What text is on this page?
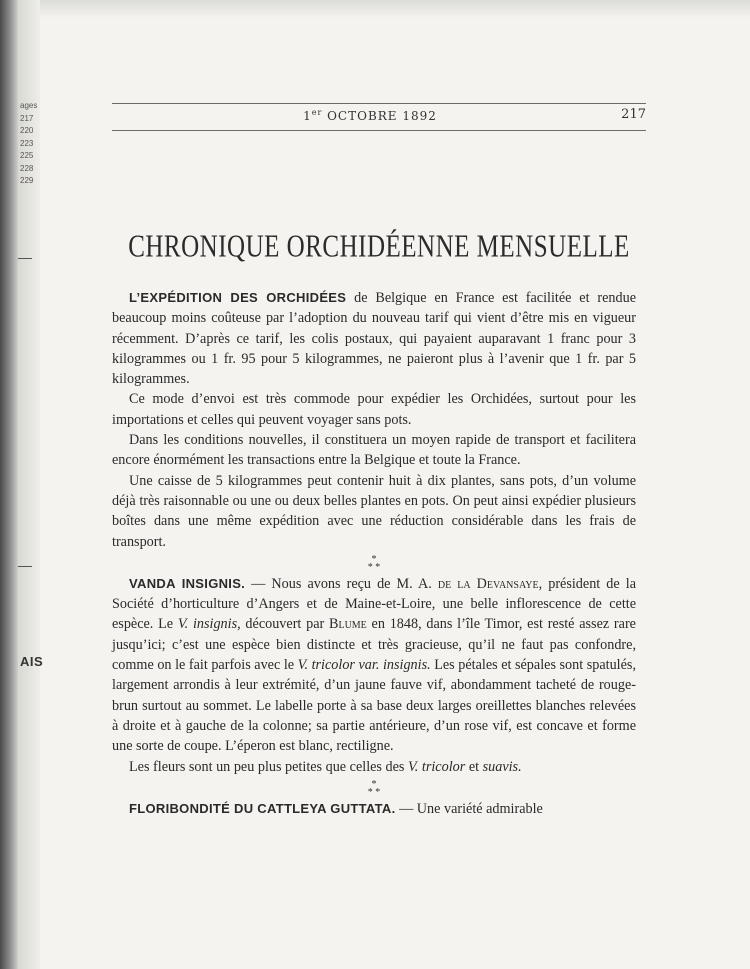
ages
217
220
223
225
228
229
AIS
1er OCTOBRE 1892	217
CHRONIQUE ORCHIDÉENNE MENSUELLE

L’EXPÉDITION DES ORCHIDÉES de Belgique en France est facilitée et rendue beaucoup moins coûteuse par l’adoption du nouveau tarif qui vient d’être mis en vigueur récemment. D’après ce tarif, les colis postaux, qui payaient auparavant 1 franc pour 3 kilogrammes ou 1 fr. 95 pour 5 kilogrammes, ne paieront plus à l’avenir que 1 fr. par 5 kilogrammes.

Ce mode d’envoi est très commode pour expédier les Orchidées, surtout pour les importations et celles qui peuvent voyager sans pots.

Dans les conditions nouvelles, il constituera un moyen rapide de transport et facilitera encore énormément les transactions entre la Belgique et toute la France.

Une caisse de 5 kilogrammes peut contenir huit à dix plantes, sans pots, d’un volume déjà très raisonnable ou une ou deux belles plantes en pots. On peut ainsi expédier plusieurs boîtes dans une même expédition avec une réduction considérable dans les frais de transport.

*
* *

VANDA INSIGNIS. — Nous avons reçu de M. A. de la Devansaye, président de la Société d’horticulture d’Angers et de Maine-et-Loire, une belle inflorescence de cette espèce. Le V. insignis, découvert par Blume en 1848, dans l’île Timor, est resté assez rare jusqu’ici; c’est une espèce bien distincte et très gracieuse, qu’il ne faut pas confondre, comme on le fait parfois avec le V. tricolor var. insignis. Les pétales et sépales sont spatulés, largement arrondis à leur extrémité, d’un jaune fauve vif, abondamment tacheté de rouge-brun surtout au sommet. Le labelle porte à sa base deux larges oreillettes blanches relevées à droite et à gauche de la colonne; sa partie antérieure, d’un rose vif, est concave et forme une sorte de coupe. L’éperon est blanc, rectiligne.

Les fleurs sont un peu plus petites que celles des V. tricolor et suavis.

*
* *

FLORIBONDITÉ DU CATTLEYA GUTTATA. — Une variété admirable
